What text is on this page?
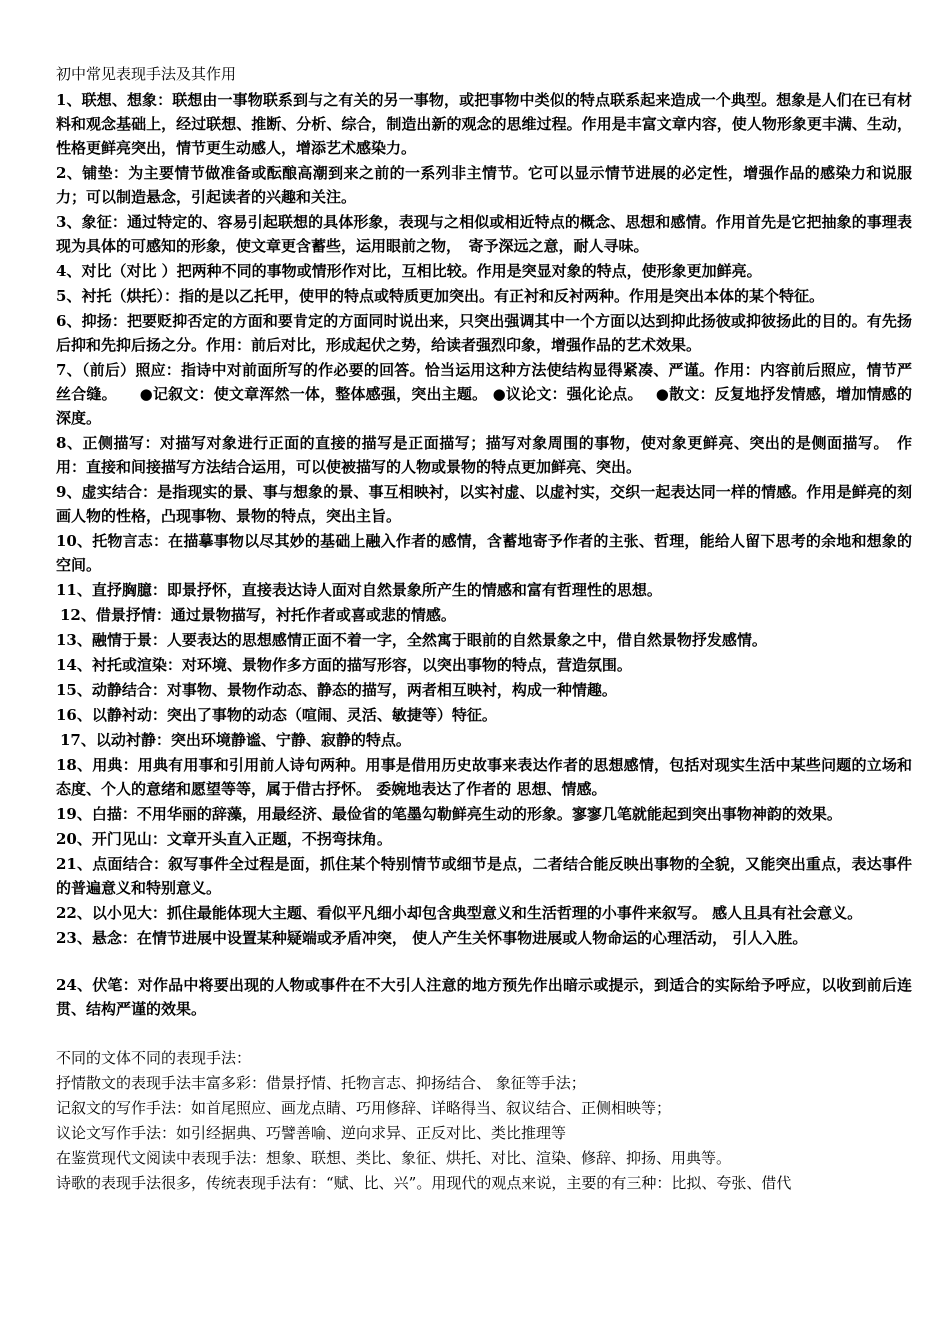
初中常见表现手法及其作用
1、联想、想象：联想由一事物联系到与之有关的另一事物，或把事物中类似的特点联系起来造成一个典型。想象是人们在已有材料和观念基础上，经过联想、推断、分析、综合，制造出新的观念的思维过程。作用是丰富文章内容，使人物形象更丰满、生动，性格更鲜亮突出，情节更生动感人，增添艺术感染力。
2、铺垫：为主要情节做准备或酝酿高潮到来之前的一系列非主情节。它可以显示情节进展的必定性，增强作品的感染力和说服力；可以制造悬念，引起读者的兴趣和关注。
3、象征：通过特定的、容易引起联想的具体形象，表现与之相似或相近特点的概念、思想和感情。作用首先是它把抽象的事理表现为具体的可感知的形象，使文章更含蓄些，运用眼前之物，　寄予深远之意，耐人寻味。
4、对比（对比 ）把两种不同的事物或情形作对比，互相比较。作用是突显对象的特点，使形象更加鲜亮。
5、衬托（烘托）：指的是以乙托甲，使甲的特点或特质更加突出。有正衬和反衬两种。作用是突出本体的某个特征。
6、抑扬：把要贬抑否定的方面和要肯定的方面同时说出来，只突出强调其中一个方面以达到抑此扬彼或抑彼扬此的目的。有先扬后抑和先抑后扬之分。作用：前后对比，形成起伏之势，给读者强烈印象，增强作品的艺术效果。
7、（前后）照应：指诗中对前面所写的作必要的回答。恰当运用这种方法使结构显得紧凑、严谨。作用：内容前后照应，情节严丝合缝。　　●记叙文：使文章浑然一体，整体感强，突出主题。 ●议论文：强化论点。　 ●散文：反复地抒发情感，增加情感的深度。
8、正侧描写：对描写对象进行正面的直接的描写是正面描写；描写对象周围的事物，使对象更鲜亮、突出的是侧面描写。　作用：直接和间接描写方法结合运用，可以使被描写的人物或景物的特点更加鲜亮、突出。
9、虚实结合：是指现实的景、事与想象的景、事互相映衬，以实衬虚、以虚衬实，交织一起表达同一样的情感。作用是鲜亮的刻画人物的性格，凸现事物、景物的特点，突出主旨。
10、托物言志：在描摹事物以尽其妙的基础上融入作者的感情，含蓄地寄予作者的主张、哲理，能给人留下思考的余地和想象的空间。
11、直抒胸臆：即景抒怀，直接表达诗人面对自然景象所产生的情感和富有哲理性的思想。
12、借景抒情：通过景物描写，衬托作者或喜或悲的情感。
13、融情于景：人要表达的思想感情正面不着一字，全然寓于眼前的自然景象之中，借自然景物抒发感情。
14、衬托或渲染：对环境、景物作多方面的描写形容，以突出事物的特点，营造氛围。
15、动静结合：对事物、景物作动态、静态的描写，两者相互映衬，构成一种情趣。
16、以静衬动：突出了事物的动态（喧闹、灵活、敏捷等）特征。
17、以动衬静：突出环境静谧、宁静、寂静的特点。
18、用典：用典有用事和引用前人诗句两种。用事是借用历史故事来表达作者的思想感情，包括对现实生活中某些问题的立场和态度、个人的意绪和愿望等等，属于借古抒怀。 委婉地表达了作者的 思想、情感。
19、白描：不用华丽的辞藻，用最经济、最俭省的笔墨勾勒鲜亮生动的形象。寥寥几笔就能起到突出事物神韵的效果。
20、开门见山：文章开头直入正题，不拐弯抹角。
21、点面结合：叙写事件全过程是面，抓住某个特别情节或细节是点，二者结合能反映出事物的全貌，又能突出重点，表达事件的普遍意义和特别意义。
22、以小见大：抓住最能体现大主题、看似平凡细小却包含典型意义和生活哲理的小事件来叙写。 感人且具有社会意义。
23、悬念：在情节进展中设置某种疑端或矛盾冲突， 使人产生关怀事物进展或人物命运的心理活动， 引人入胜。
24、伏笔：对作品中将要出现的人物或事件在不大引人注意的地方预先作出暗示或提示，到适合的实际给予呼应，以收到前后连贯、结构严谨的效果。
不同的文体不同的表现手法：
抒情散文的表现手法丰富多彩：借景抒情、托物言志、抑扬结合、 象征等手法；
记叙文的写作手法：如首尾照应、画龙点睛、巧用修辞、详略得当、叙议结合、正侧相映等；
议论文写作手法：如引经据典、巧譬善喻、逆向求异、正反对比、类比推理等
在鉴赏现代文阅读中表现手法：想象、联想、类比、象征、烘托、对比、渲染、修辞、抑扬、用典等。
诗歌的表现手法很多，传统表现手法有：“赋、比、兴”。用现代的观点来说，主要的有三种：比拟、夸张、借代
